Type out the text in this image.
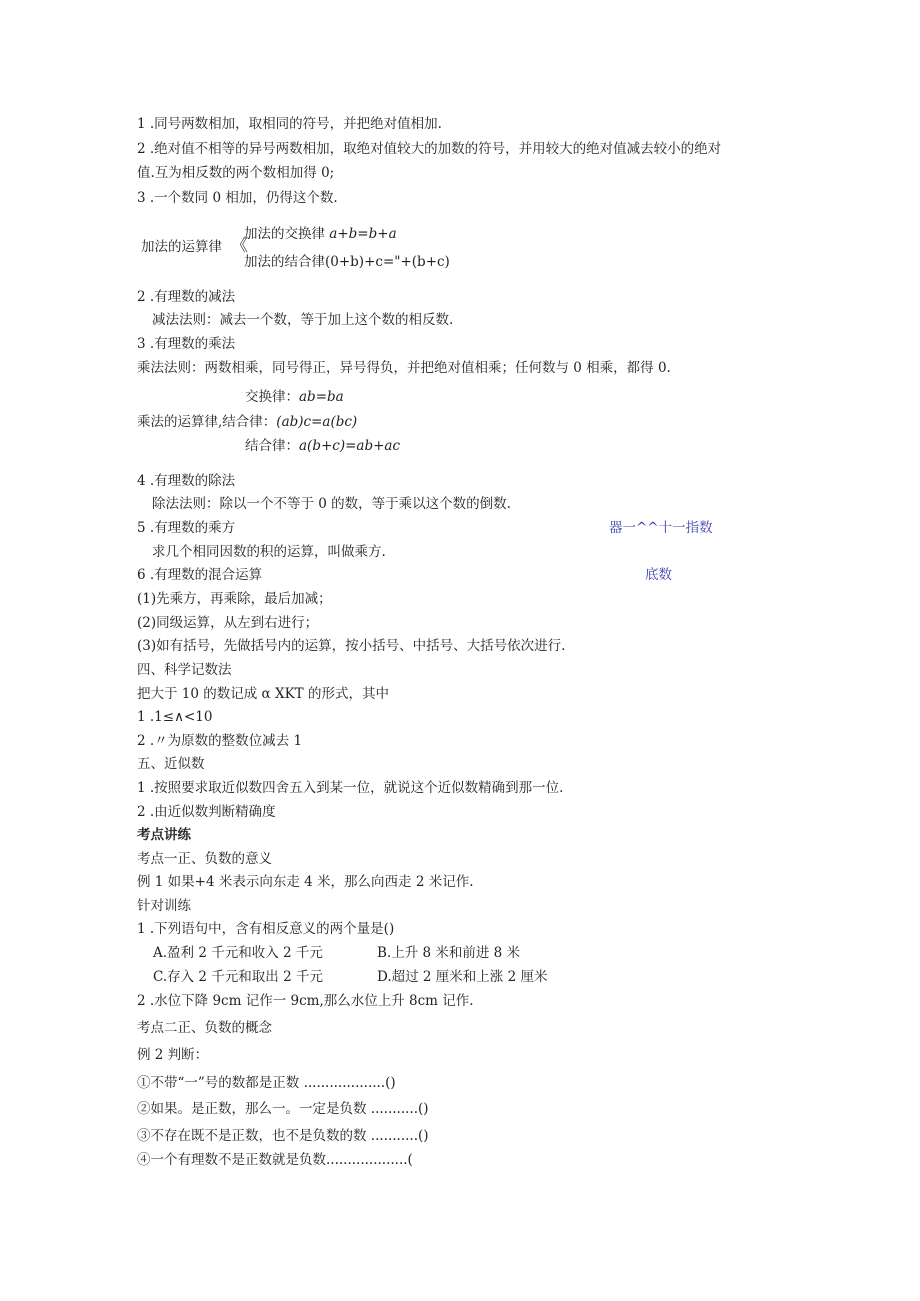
1 .同号两数相加，取相同的符号，并把绝对值相加.
2 .绝对值不相等的异号两数相加，取绝对值较大的加数的符号，并用较大的绝对值减去较小的绝对
值.互为相反数的两个数相加得 0;
3 .一个数同 0 相加，仍得这个数.
加法的运算律 《
加法的交换律 a+b=b+a
加法的结合律(0+b)+c="+(b+c)
2 .有理数的减法
减法法则：减去一个数，等于加上这个数的相反数.
3 .有理数的乘法
乘法法则：两数相乘，同号得正，异号得负，并把绝对值相乘；任何数与 0 相乘，都得 0.
交换律：ab=ba
乘法的运算律,结合律：(ab)c=a(bc)
结合律：a(b+c)=ab+ac
4 .有理数的除法
除法法则：除以一个不等于 0 的数，等于乘以这个数的倒数.
5 .有理数的乘方	器一^^十一指数
求几个相同因数的积的运算，叫做乘方.
6 .有理数的混合运算	底数
(1)先乘方，再乘除，最后加减；
(2)同级运算，从左到右进行；
(3)如有括号，先做括号内的运算，按小括号、中括号、大括号依次进行.
四、科学记数法
把大于 10 的数记成 α XKT 的形式，其中
1 .1≤∧<10
2 .〃为原数的整数位减去 1
五、近似数
1 .按照要求取近似数四舍五入到某一位，就说这个近似数精确到那一位.
2 .由近似数判断精确度
考点讲练
考点一正、负数的意义
例 1 如果+4 米表示向东走 4 米，那么向西走 2 米记作.
针对训练
1 .下列语句中，含有相反意义的两个量是()
A.盈利 2 千元和收入 2 千元	B.上升 8 米和前进 8 米
C.存入 2 千元和取出 2 千元	D.超过 2 厘米和上涨 2 厘米
2 .水位下降 9cm 记作一 9cm,那么水位上升 8cm 记作.
考点二正、负数的概念
例 2 判断：
①不带“一”号的数都是正数 ...................()
②如果。是正数，那么一。一定是负数 ...........()
③不存在既不是正数，也不是负数的数 ...........()
④一个有理数不是正数就是负数...................(
